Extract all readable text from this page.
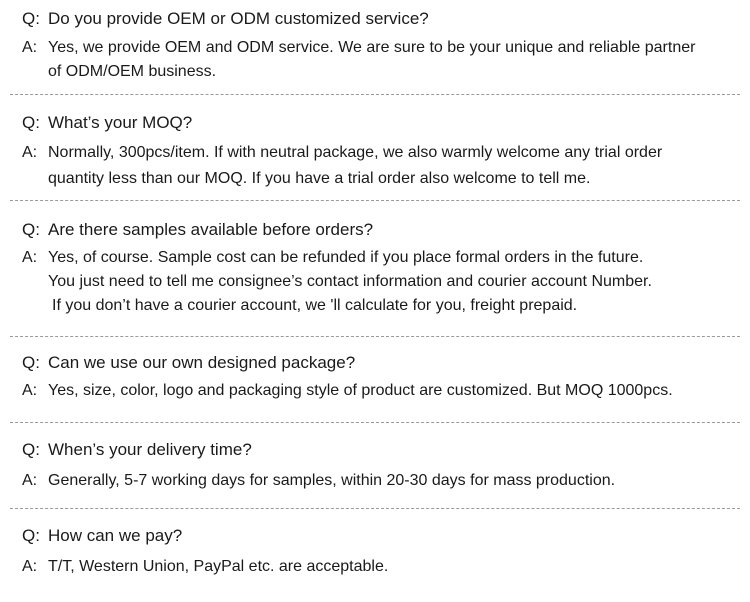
Q: Do you provide OEM or ODM customized service?
A: Yes, we provide OEM and ODM service. We are sure to be your unique and reliable partner
of ODM/OEM business.
Q: What’s your MOQ?
A: Normally, 300pcs/item. If with neutral package, we also warmly welcome any trial order
quantity less than our MOQ. If you have a trial order also welcome to tell me.
Q: Are there samples available before orders?
A: Yes, of course. Sample cost can be refunded if you place formal orders in the future.
You just need to tell me consignee’s contact information and courier account Number.
If you don’t have a courier account, we 'll calculate for you, freight prepaid.
Q: Can we use our own designed package?
A: Yes, size, color, logo and packaging style of product are customized. But MOQ 1000pcs.
Q: When’s your delivery time?
A: Generally, 5-7 working days for samples, within 20-30 days for mass production.
Q: How can we pay?
A: T/T, Western Union, PayPal etc. are acceptable.
